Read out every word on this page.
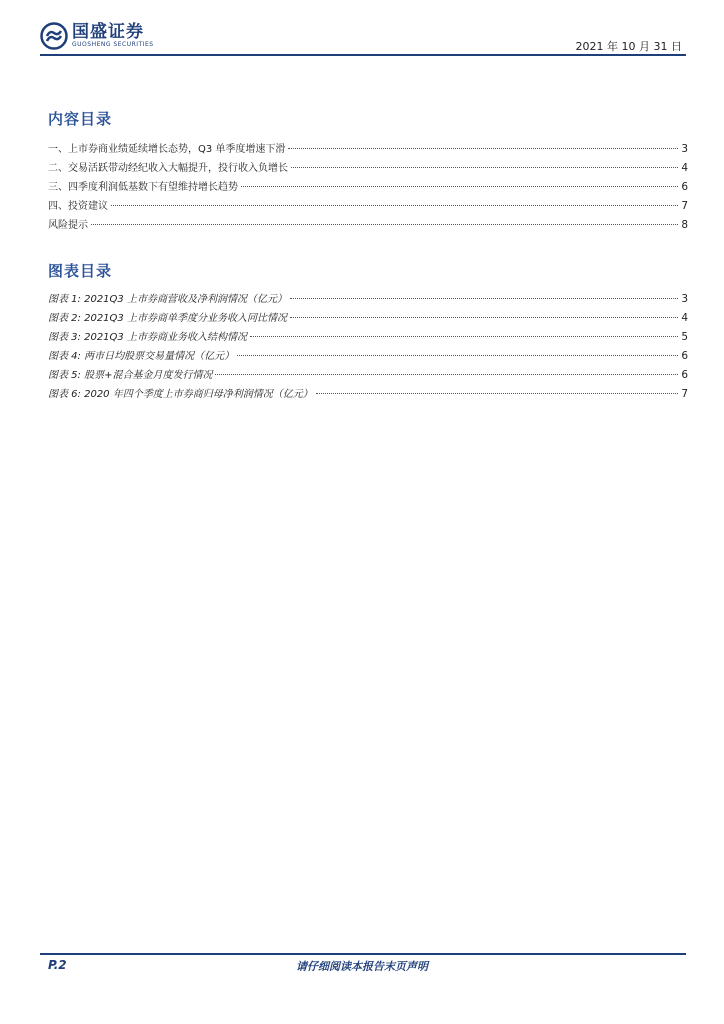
国盛证券
GUOSHENG SECURITIES	2021 年 10 月 31 日
内容目录
一、上市券商业绩延续增长态势，Q3 单季度增速下滑	3
二、交易活跃带动经纪收入大幅提升，投行收入负增长	4
三、四季度利润低基数下有望维持增长趋势	6
四、投资建议	7
风险提示	8
图表目录
图表 1: 2021Q3 上市券商营收及净利润情况（亿元）	3
图表 2: 2021Q3 上市券商单季度分业务收入同比情况	4
图表 3: 2021Q3 上市券商业务收入结构情况	5
图表 4: 两市日均股票交易量情况（亿元）	6
图表 5: 股票+混合基金月度发行情况	6
图表 6: 2020 年四个季度上市券商归母净利润情况（亿元）	7
P.2	请仔细阅读本报告末页声明
